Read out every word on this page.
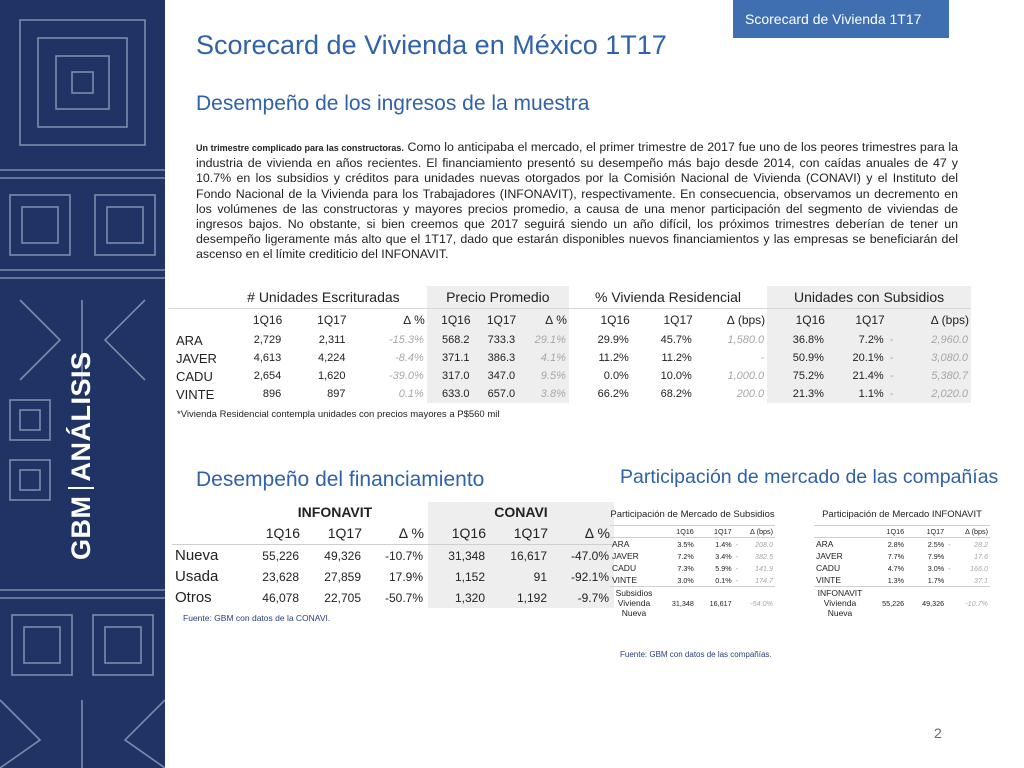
GBMANÁLISIS
Scorecard de Vivienda 1T17
Scorecard de Vivienda en México 1T17
Desempeño de los ingresos de la muestra
Un trimestre complicado para las constructoras. Como lo anticipaba el mercado, el primer trimestre de 2017 fue uno de los peores trimestres para la industria de vivienda en años recientes. El financiamiento presentó su desempeño más bajo desde 2014, con caídas anuales de 47 y 10.7% en los subsidios y créditos para unidades nuevas otorgados por la Comisión Nacional de Vivienda (CONAVI) y el Instituto del Fondo Nacional de la Vivienda para los Trabajadores (INFONAVIT), respectivamente. En consecuencia, observamos un decremento en los volúmenes de las constructoras y mayores precios promedio, a causa de una menor participación del segmento de viviendas de ingresos bajos. No obstante, si bien creemos que 2017 seguirá siendo un año difícil, los próximos trimestres deberían de tener un desempeño ligeramente más alto que el 1T17, dado que estarán disponibles nuevos financiamientos y las empresas se beneficiarán del ascenso en el límite crediticio del INFONAVIT.
	# Unidades Escrituradas			Precio Promedio			% Vivienda Residencial			Unidades con Subsidios			
	1Q16	1Q17	∆ %	1Q16	1Q17	∆ %	1Q16	1Q17	∆ (bps)	1Q16	1Q17	∆ (bps)	
ARA	2,729	2,311	-15.3%	568.2	733.3	29.1%	29.9%	45.7%	1,580.0	36.8%	7.2%	-	2,960.0
JAVER	4,613	4,224	-8.4%	371.1	386.3	4.1%	11.2%	11.2%	-	50.9%	20.1%	-	3,080.0
CADU	2,654	1,620	-39.0%	317.0	347.0	9.5%	0.0%	10.0%	1,000.0	75.2%	21.4%	-	5,380.7
VINTE	896	897	0.1%	633.0	657.0	3.8%	66.2%	68.2%	200.0	21.3%	1.1%	-	2,020.0
*Vivienda Residencial contempla unidades con precios mayores a P$560 mil
Desempeño del financiamiento
	INFONAVIT			CONAVI		
	1Q16	1Q17	∆ %	1Q16	1Q17	∆ %
Nueva	55,226	49,326	-10.7%	31,348	16,617	-47.0%
Usada	23,628	27,859	17.9%	1,152	91	-92.1%
Otros	46,078	22,705	-50.7%	1,320	1,192	-9.7%
Fuente: GBM con datos de la CONAVI.
Participación de mercado de las compañías
Participación de Mercado de Subsidios
	1Q16	1Q17	∆ (bps)	
ARA	3.5%	1.4%	-	208.0
JAVER	7.2%	3.4%	-	382.5
CADU	7.3%	5.9%	-	141.9
VINTE	3.0%	0.1%	-	174.7
Subsidios Vivienda Nueva	31,348	16,617	-54.0%	
Participación de Mercado INFONAVIT
	1Q16	1Q17	∆ (bps)	
ARA	2.8%	2.5%	-	28.2
JAVER	7.7%	7.9%		17.6
CADU	4.7%	3.0%	-	166.0
VINTE	1.3%	1.7%		37.1
INFONAVIT Vivienda Nueva	55,226	49,326	-10.7%	
Fuente: GBM con datos de las compañías.
2
